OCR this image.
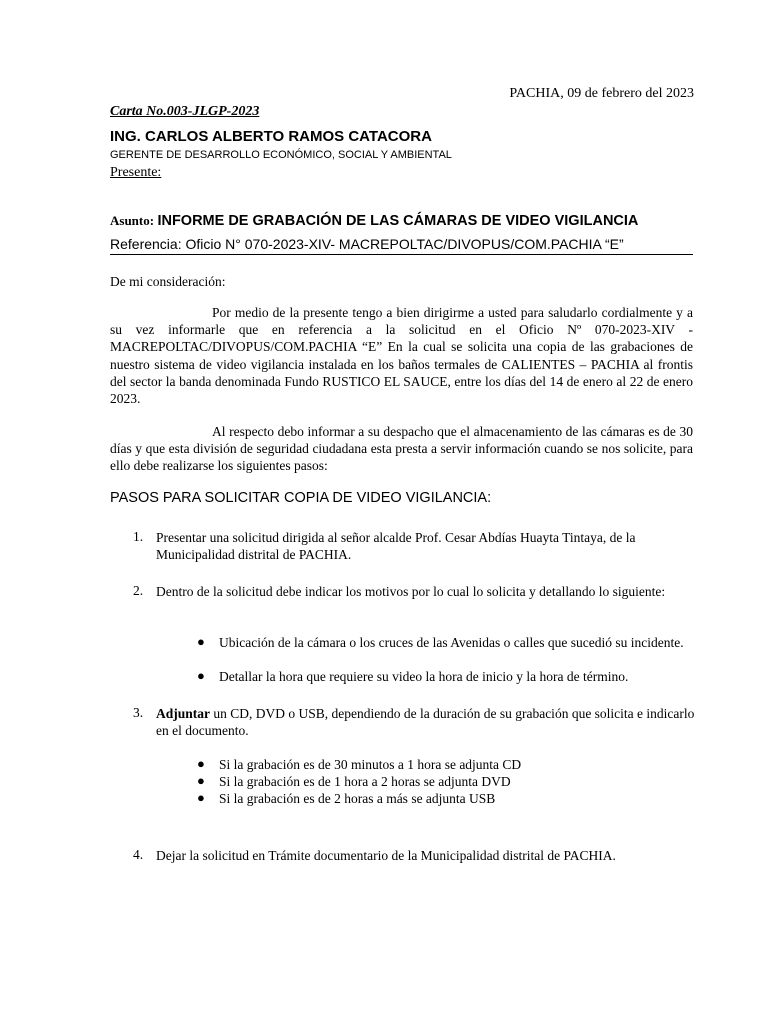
PACHIA, 09 de febrero del 2023
Carta No.003-JLGP-2023
ING. CARLOS ALBERTO RAMOS CATACORA
GERENTE DE DESARROLLO ECONÓMICO, SOCIAL Y AMBIENTAL
Presente:
Asunto: INFORME DE GRABACIÓN DE LAS CÁMARAS DE VIDEO VIGILANCIA
Referencia: Oficio N° 070-2023-XIV- MACREPOLTAC/DIVOPUS/COM.PACHIA “E”
De mi consideración:
Por medio de la presente tengo a bien dirigirme a usted para saludarlo cordialmente y a su vez informarle que en referencia a la solicitud en el Oficio Nº 070-2023-XIV - MACREPOLTAC/DIVOPUS/COM.PACHIA “E” En la cual se solicita una copia de las grabaciones de nuestro sistema de video vigilancia instalada en los baños termales de CALIENTES – PACHIA al frontis del sector la banda denominada Fundo RUSTICO EL SAUCE, entre los días del 14 de enero al 22 de enero 2023.
Al respecto debo informar a su despacho que el almacenamiento de las cámaras es de 30 días y que esta división de seguridad ciudadana esta presta a servir información cuando se nos solicite, para ello debe realizarse los siguientes pasos:
PASOS PARA SOLICITAR COPIA DE VIDEO VIGILANCIA:
1. Presentar una solicitud dirigida al señor alcalde Prof. Cesar Abdías Huayta Tintaya, de la Municipalidad distrital de PACHIA.
2. Dentro de la solicitud debe indicar los motivos por lo cual lo solicita y detallando lo siguiente:
● Ubicación de la cámara o los cruces de las Avenidas o calles que sucedió su incidente.
● Detallar la hora que requiere su video la hora de inicio y la hora de término.
3. Adjuntar un CD, DVD o USB, dependiendo de la duración de su grabación que solicita e indicarlo en el documento.
● Si la grabación es de 30 minutos a 1 hora se adjunta CD
● Si la grabación es de 1 hora a 2 horas se adjunta DVD
● Si la grabación es de 2 horas a más se adjunta USB
4. Dejar la solicitud en Trámite documentario de la Municipalidad distrital de PACHIA.
